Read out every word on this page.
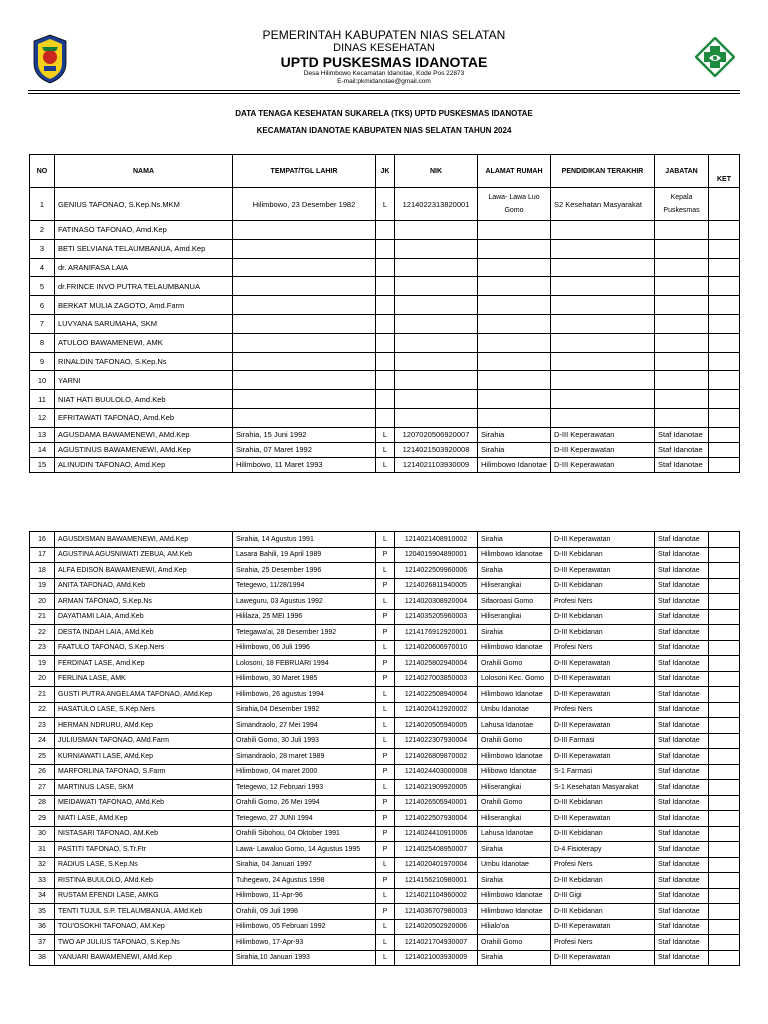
PEMERINTAH KABUPATEN NIAS SELATAN
DINAS KESEHATAN
UPTD PUSKESMAS IDANOTAE
Desa Hilimbowo Kecamatan Idanotae, Kode Pos 22873
E-mail:pkmidanotae@gmail.com
DATA TENAGA KESEHATAN SUKARELA (TKS) UPTD PUSKESMAS IDANOTAE
KECAMATAN IDANOTAE KABUPATEN NIAS SELATAN TAHUN 2024
NO	NAMA	TEMPAT/TGL LAHIR	JK	NIK	ALAMAT RUMAH	PENDIDIKAN TERAKHIR	JABATAN	KET
1	GENIUS TAFONAO, S.Kep.Ns.MKM	Hilimbowo, 23 Desember 1982	L	1214022313820001	Lawa- Lawa Luo Gomo	S2 Kesehatan Masyarakat	Kepala Puskesmas	
2	FATINASO TAFONAO, Amd.Kep							
3	BETI SELVIANA TELAUMBANUA, Amd.Kep							
4	dr. ARANIFASA LAIA							
5	dr.FRINCE INVO PUTRA TELAUMBANUA							
6	BERKAT MULIA ZAGOTO, Amd.Farm							
7	LUVYANA SARUMAHA, SKM							
8	ATULOO BAWAMENEWI, AMK							
9	RINALDIN TAFONAO, S.Kep.Ns							
10	YARNI							
11	NIAT HATI BUULOLO, Amd.Keb							
12	EFRITAWATI TAFONAO, Amd.Keb							
13	AGUSDAMA BAWAMENEWI, AMd.Kep	Sirahia, 15 Juni 1992	L	1207020506920007	Sirahia	D-III Keperawatan	Staf Idanotae	
14	AGUSTINUS BAWAMENEWI, AMd.Kep	Sirahia, 07 Maret 1992	L	1214021503920008	Sirahia	D-III Keperawatan	Staf Idanotae	
15	ALINUDIN TAFONAO, Amd.Kep	Hilimbowo, 11 Maret 1993	L	1214021103930009	Hilimbowo Idanotae	D-III Keperawatan	Staf Idanotae	
16	AGUSDISMAN BAWAMENEWI, AMd.Kep	Sirahia, 14 Agustus 1991	L	1214021408910002	Sirahia	D-III Keperawatan	Staf Idanotae	
17	AGUSTINA AGUSNIWATI ZEBUA, AM.Keb	Lasara Bahili, 19 April 1989	P	1204015904890001	Hilimbowo Idanotae	D-III Kebidanan	Staf Idanotae	
18	ALFA EDISON BAWAMENEWI, Amd.Kep	Sirahia, 25 Desember 1996	L	1214022509960006	Sirahia	D-III Keperawatan	Staf Idanotae	
19	ANITA TAFONAO, AMd.Keb	Tetegewo, 11/28/1994	P	1214026811940005	Hiliserangkai	D-III Kebidanan	Staf Idanotae	
20	ARMAN TAFONAO, S.Kep.Ns	Laweguru, 03 Agustus 1992	L	1214020308920004	Sifaoroasi Gomo	Profesi Ners	Staf Idanotae	
21	DAYATIAMI LAIA, Amd.Keb	Hililaza, 25 MEI 1996	P	1214035205960003	Hiliserangkai	D-III Kebidanan	Staf Idanotae	
22	DESTA INDAH LAIA, AMd.Keb	Tetegawa'ai, 28 Desember 1992	P	1214176912920001	Sirahia	D-III Kebidanan	Staf Idanotae	
23	FAATULO TAFONAO, S.Kep.Ners	Hilimbowo, 06 Juli 1996	L	1214020606970010	Hilimbowo Idanotae	Profesi Ners	Staf Idanotae	
19	FERDINAT LASE, Amd.Kep	Lolosoni, 18 FEBRUARI 1994	P	1214025802940004	Orahili Gomo	D-III Keperawatan	Staf Idanotae	
20	FERLINA LASE, AMK	Hilimbowo, 30 Maret 1985	P	1214027003850003	Lolosoni Kec. Gomo	D-III Keperawatan	Staf Idanotae	
21	GUSTI PUTRA ANGELAMA TAFONAO, AMd.Kep	Hilimbowo, 26 agustus 1994	L	1214022508940004	Hilimbowo Idanotae	D-III Keperawatan	Staf Idanotae	
22	HASATULO LASE, S.Kep.Ners	Sirahia,04 Desember 1992	L	1214020412920002	Umbu Idanotae	Profesi Ners	Staf Idanotae	
23	HERMAN NDRURU, AMd.Kep	Simandraolo, 27 Mei 1994	L	1214020505940005	Lahusa Idanotae	D-III Keperawatan	Staf Idanotae	
24	JULIUSMAN TAFONAO, AMd.Farm	Orahili Gomo, 30 Juli 1993	L	1214022307930004	Orahili Gomo	D-III Farmasi	Staf Idanotae	
25	KURNIAWATI LASE, AMd.Kep	Simandraolo, 28 maret 1989	P	1214026809870002	Hilimbowo Idanotae	D-III Keperawatan	Staf Idanotae	
26	MARFORLINA TAFONAO, S.Farm	Hilimbowo, 04 maret 2000	P	1214024403000008	Hilibowo Idanotae	S-1 Farmasi	Staf Idanotae	
27	MARTINUS LASE, SKM	Tetegewo, 12 Februari 1993	L	1214021909920005	Hiliserangkai	S-1 Kesehatan Masyarakat	Staf Idanotae	
28	MEIDAWATI TAFONAO, AMd.Keb	Orahili Gomo, 26 Mei 1994	P	1214026505940001	Orahili Gomo	D-III Kebidanan	Staf Idanotae	
29	NIATI LASE, AMd.Kep	Tetegewo, 27 JUNI 1994	P	1214022507930004	Hiliserangkai	D-III Keperawatan	Staf Idanotae	
30	NISTASARI TAFONAO, AM.Keb	Orahili Sibohou, 04 Oktober 1991	P	1214024410910006	Lahusa Idanotae	D-III Kebidanan	Staf Idanotae	
31	PASTITI TAFONAO, S.Tr.Ftr	Lawa- Lawaluo Gomo, 14 Agustus 1995	P	1214025408950007	Sirahia	D-4 Fisioterapy	Staf Idanotae	
32	RADIUS LASE, S.Kep.Ns	Sirahia, 04 Januari 1997	L	1214020401970004	Umbu Idanotae	Profesi Ners	Staf Idanotae	
33	RISTINA BUULOLO, AMd.Keb	Tuhegewo, 24 Agustus 1998	P	1214156210980001	Sirahia	D-III Kebidanan	Staf Idanotae	
34	RUSTAM EFENDI LASE, AMKG	Hilimbowo, 11-Apr-96	L	1214021104960002	Hilimbowo Idanotae	D-III Gigi	Staf Idanotae	
35	TENTI TUJUL S.P. TELAUMBANUA, AMd.Keb	Orahili, 09 Juli 1998	P	1214036707980003	Hilimbowo Idanotae	D-III Kebidanan	Staf Idanotae	
36	TOU'OSOKHI TAFONAO, AM.Kep	Hilimbowo, 05 Februari 1992	L	1214020502920006	Hilialo'oa	D-III Keperawatan	Staf Idanotae	
37	TWO AP JULIUS TAFONAO, S.Kep.Ns	Hilimbowo, 17-Apr-93	L	1214021704930007	Orahili Gomo	Profesi Ners	Staf Idanotae	
38	YANUARI BAWAMENEWI, AMd.Kep	Sirahia,10 Januari 1993	L	1214021003930009	Sirahia	D-III Keperawatan	Staf Idanotae	
